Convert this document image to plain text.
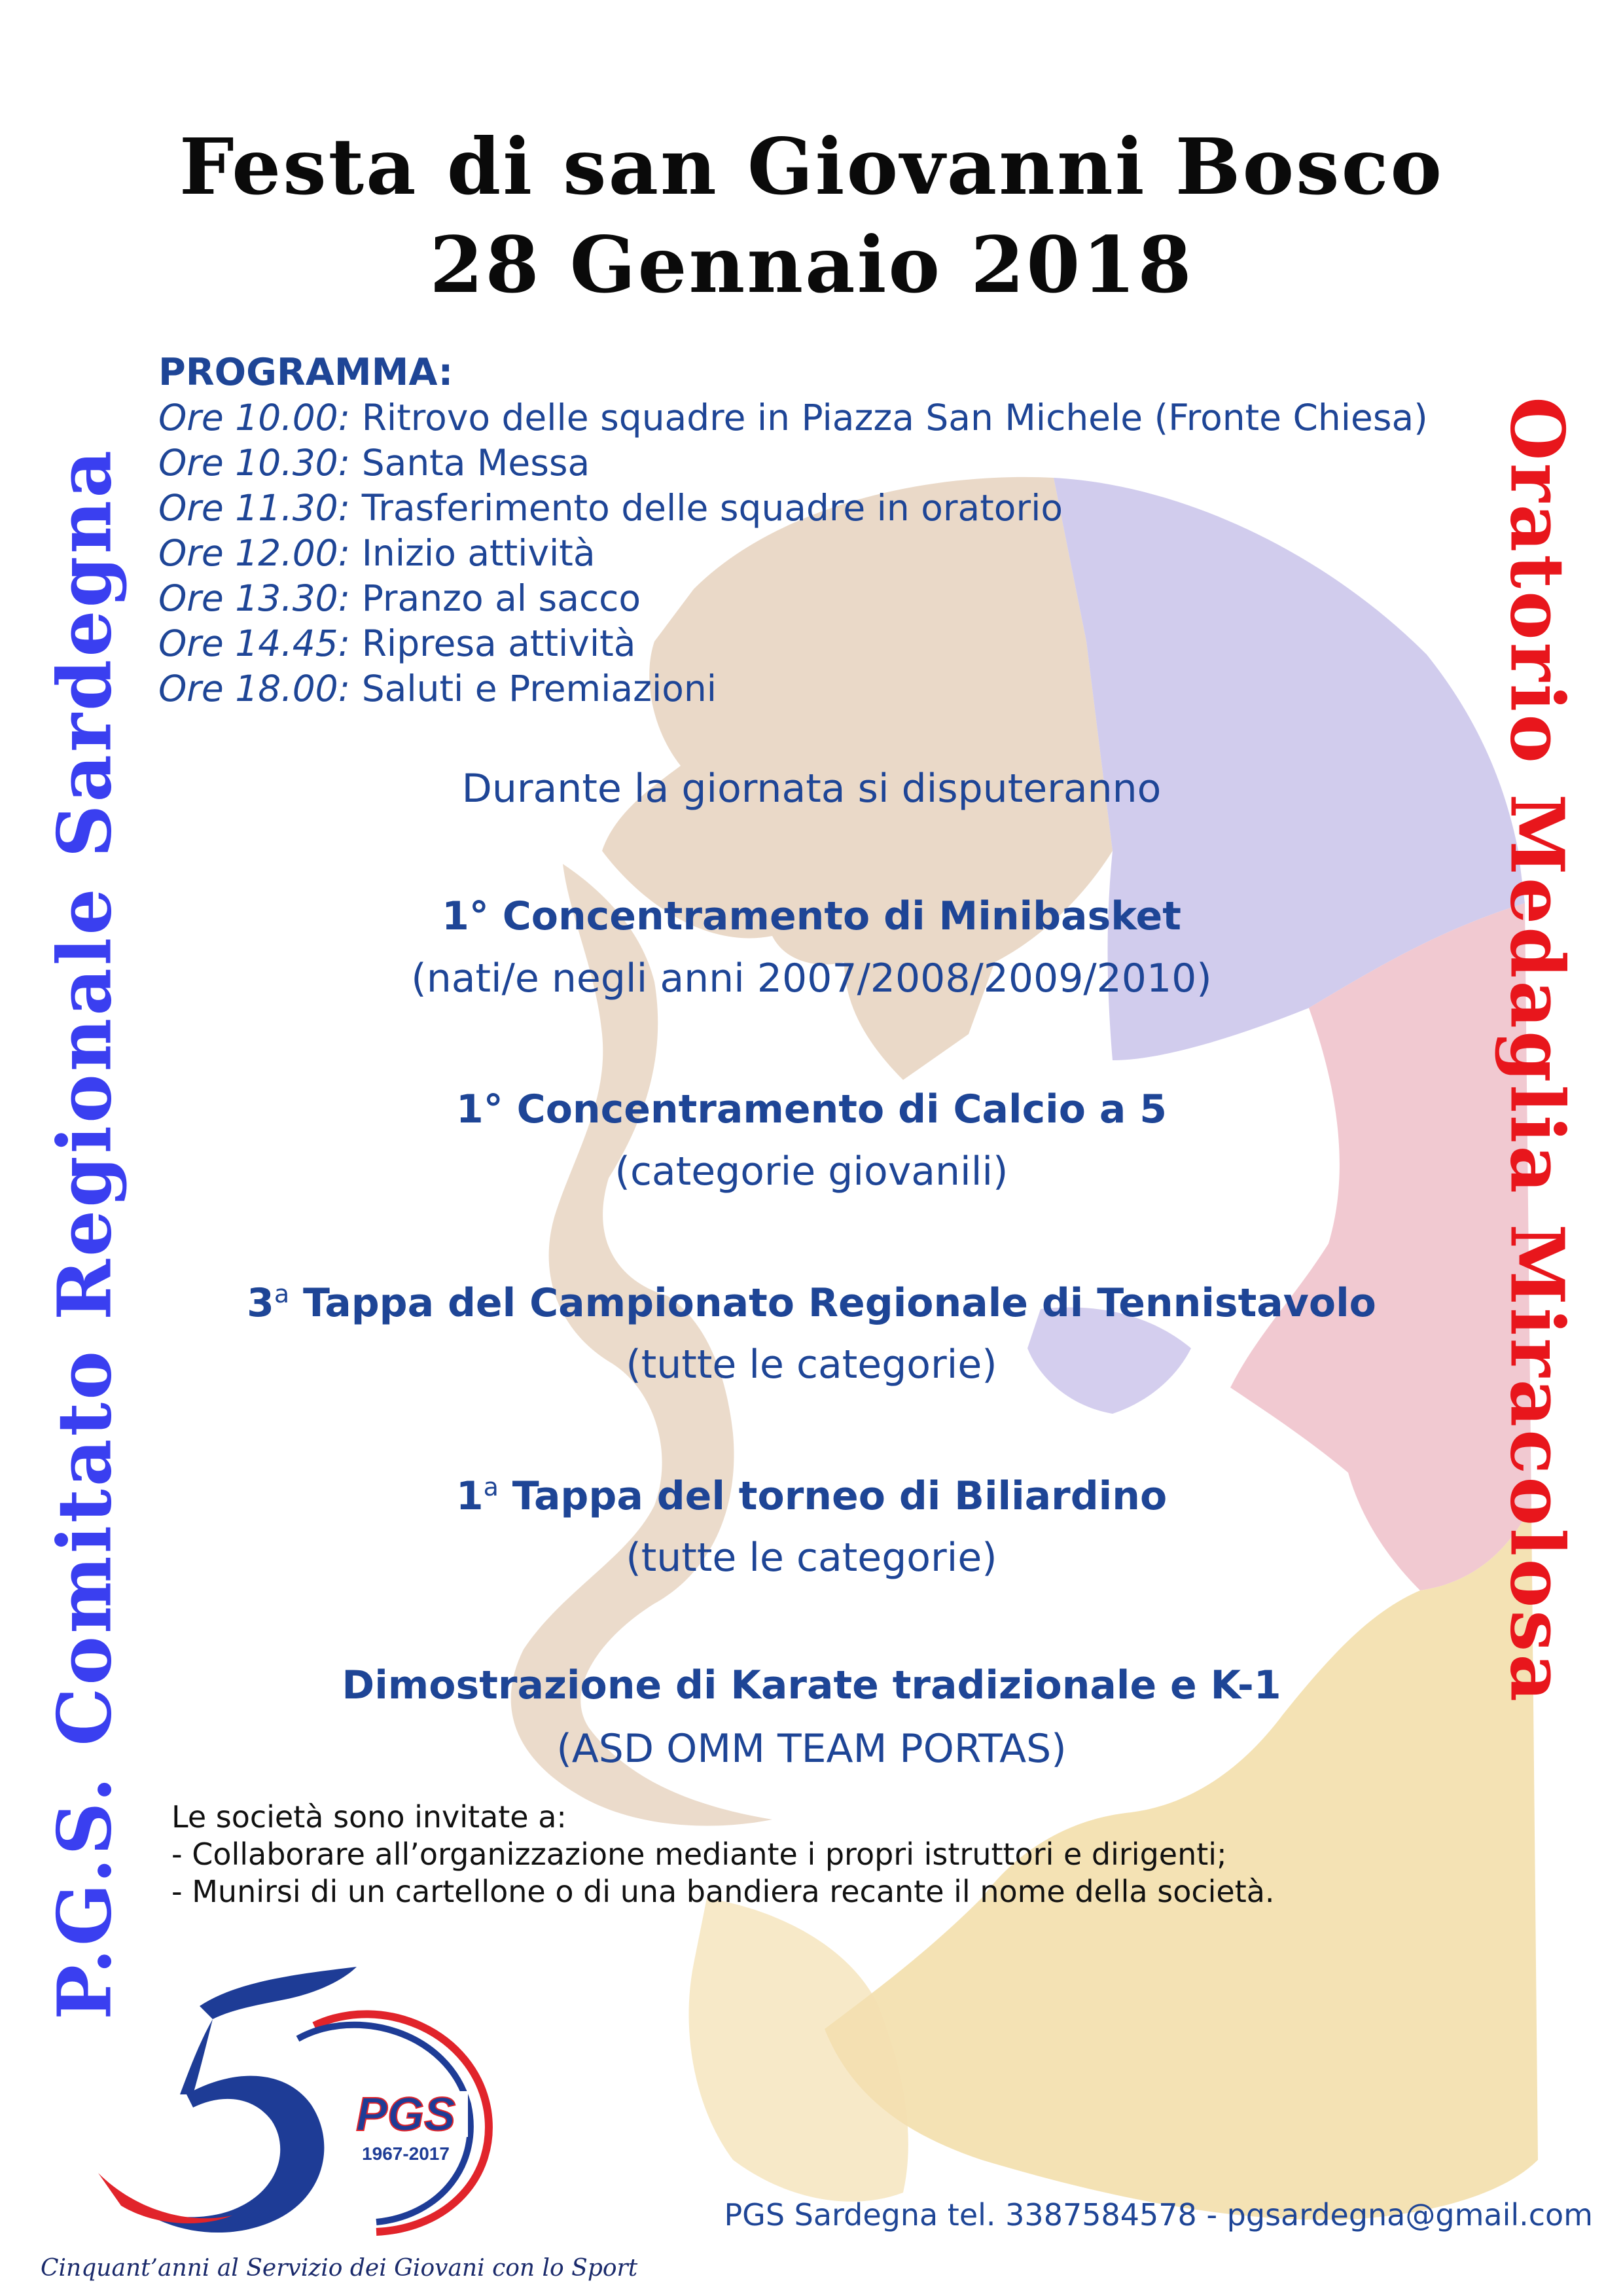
Festa di san Giovanni Bosco
28 Gennaio 2018
P.G.S. Comitato Regionale Sardegna	Oratorio Medaglia Miracolosa
PROGRAMMA:
Ore 10.00: Ritrovo delle squadre in Piazza San Michele (Fronte Chiesa)
Ore 10.30: Santa Messa
Ore 11.30: Trasferimento delle squadre in oratorio
Ore 12.00: Inizio attività
Ore 13.30: Pranzo al sacco
Ore 14.45: Ripresa attività
Ore 18.00: Saluti e Premiazioni
Durante la giornata si disputeranno
1° Concentramento di Minibasket
(nati/e negli anni 2007/2008/2009/2010)
1° Concentramento di Calcio a 5
(categorie giovanili)
3$^a$ Tappa del Campionato Regionale di Tennistavolo
(tutte le categorie)
1$^a$ Tappa del torneo di Biliardino
(tutte le categorie)
Dimostrazione di Karate tradizionale e K-1
(ASD OMM TEAM PORTAS)
Le società sono invitate a:
- Collaborare all’organizzazione mediante i propri istruttori e dirigenti;
- Munirsi di un cartellone o di una bandiera recante il nome della società.
PGS
1967-2017
Cinquant’anni al Servizio dei Giovani con lo Sport
PGS Sardegna tel. 3387584578 - pgsardegna@gmail.com
